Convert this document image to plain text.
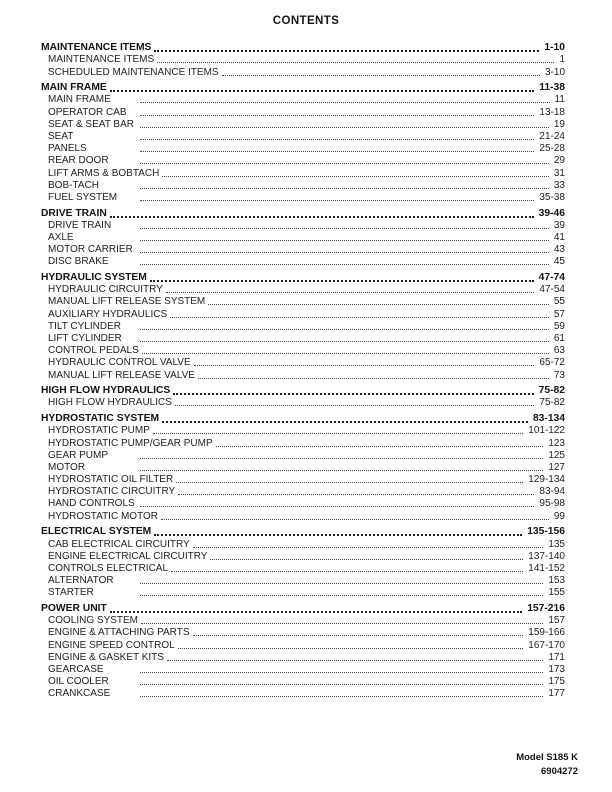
CONTENTS
MAINTENANCE ITEMS	1-10
MAINTENANCE ITEMS	1
SCHEDULED MAINTENANCE ITEMS	3-10
MAIN FRAME	11-38
MAIN FRAME	11
OPERATOR CAB	13-18
SEAT & SEAT BAR	19
SEAT	21-24
PANELS	25-28
REAR DOOR	29
LIFT ARMS & BOBTACH	31
BOB-TACH	33
FUEL SYSTEM	35-38
DRIVE TRAIN	39-46
DRIVE TRAIN	39
AXLE	41
MOTOR CARRIER	43
DISC BRAKE	45
HYDRAULIC SYSTEM	47-74
HYDRAULIC CIRCUITRY	47-54
MANUAL LIFT RELEASE SYSTEM	55
AUXILIARY HYDRAULICS	57
TILT CYLINDER	59
LIFT CYLINDER	61
CONTROL PEDALS	63
HYDRAULIC CONTROL VALVE	65-72
MANUAL LIFT RELEASE VALVE	73
HIGH FLOW HYDRAULICS	75-82
HIGH FLOW HYDRAULICS	75-82
HYDROSTATIC SYSTEM	83-134
HYDROSTATIC PUMP	101-122
HYDROSTATIC PUMP/GEAR PUMP	123
GEAR PUMP	125
MOTOR	127
HYDROSTATIC OIL FILTER	129-134
HYDROSTATIC CIRCUITRY	83-94
HAND CONTROLS	95-98
HYDROSTATIC MOTOR	99
ELECTRICAL SYSTEM	135-156
CAB ELECTRICAL CIRCUITRY	135
ENGINE ELECTRICAL CIRCUITRY	137-140
CONTROLS ELECTRICAL	141-152
ALTERNATOR	153
STARTER	155
POWER UNIT	157-216
COOLING SYSTEM	157
ENGINE & ATTACHING PARTS	159-166
ENGINE SPEED CONTROL	167-170
ENGINE & GASKET KITS	171
GEARCASE	173
OIL COOLER	175
CRANKCASE	177
Model S185 K
6904272
